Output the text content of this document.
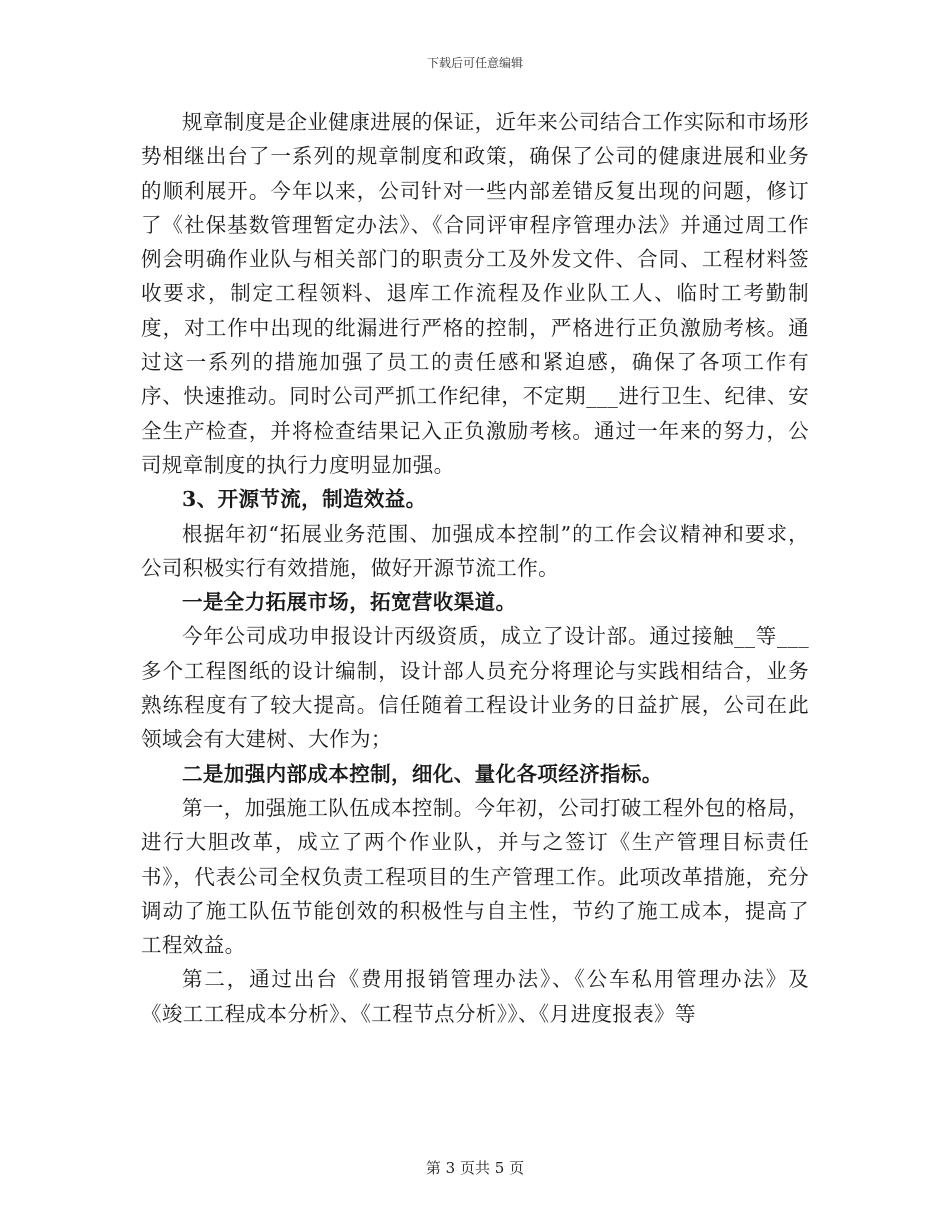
下载后可任意编辑

规章制度是企业健康进展的保证，近年来公司结合工作实际和市场形势相继出台了一系列的规章制度和政策，确保了公司的健康进展和业务的顺利展开。今年以来，公司针对一些内部差错反复出现的问题，修订了《社保基数管理暂定办法》、《合同评审程序管理办法》并通过周工作例会明确作业队与相关部门的职责分工及外发文件、合同、工程材料签收要求，制定工程领料、退库工作流程及作业队工人、临时工考勤制度，对工作中出现的纰漏进行严格的控制，严格进行正负激励考核。通过这一系列的措施加强了员工的责任感和紧迫感，确保了各项工作有序、快速推动。同时公司严抓工作纪律，不定期___进行卫生、纪律、安全生产检查，并将检查结果记入正负激励考核。通过一年来的努力，公司规章制度的执行力度明显加强。

3、开源节流，制造效益。

根据年初“拓展业务范围、加强成本控制”的工作会议精神和要求，公司积极实行有效措施，做好开源节流工作。

一是全力拓展市场，拓宽营收渠道。

今年公司成功申报设计丙级资质，成立了设计部。通过接触__等___多个工程图纸的设计编制，设计部人员充分将理论与实践相结合，业务熟练程度有了较大提高。信任随着工程设计业务的日益扩展，公司在此领域会有大建树、大作为；

二是加强内部成本控制，细化、量化各项经济指标。

第一，加强施工队伍成本控制。今年初，公司打破工程外包的格局，进行大胆改革，成立了两个作业队，并与之签订《生产管理目标责任书》，代表公司全权负责工程项目的生产管理工作。此项改革措施，充分调动了施工队伍节能创效的积极性与自主性，节约了施工成本，提高了工程效益。

第二，通过出台《费用报销管理办法》、《公车私用管理办法》及《竣工工程成本分析》、《工程节点分析》》、《月进度报表》等

第 3 页共 5 页
